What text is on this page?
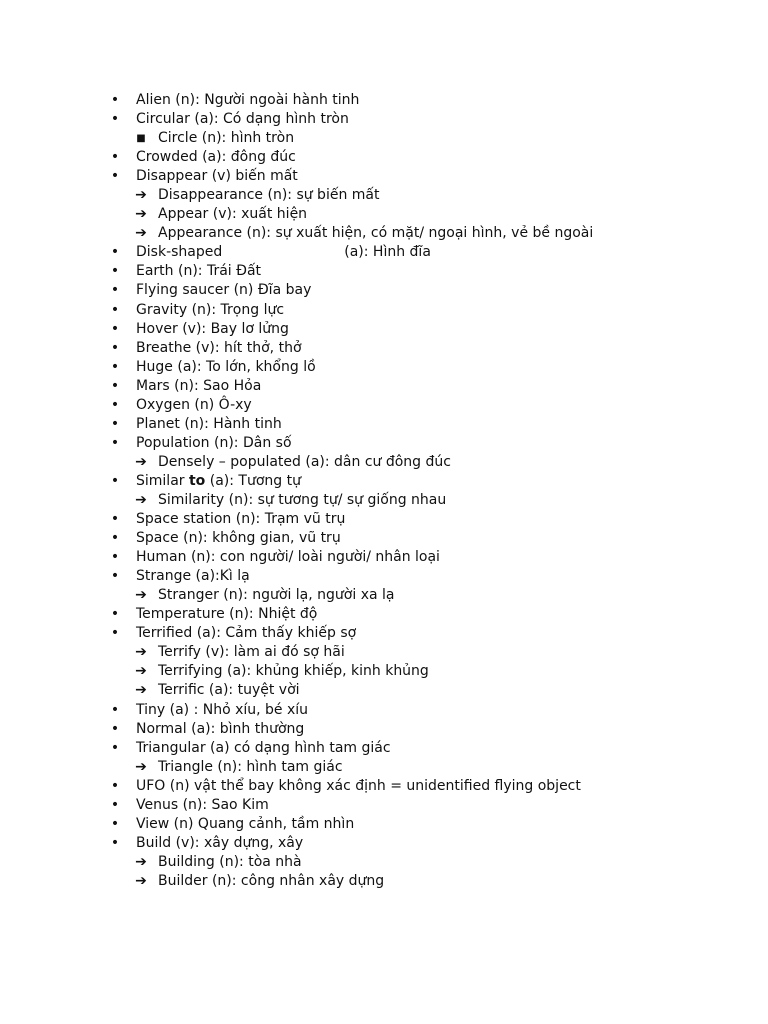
• Alien (n): Người ngoài hành tinh
• Circular (a): Có dạng hình tròn
■ Circle (n): hình tròn
• Crowded (a): đông đúc
• Disappear (v) biến mất
➔ Disappearance (n): sự biến mất
➔ Appear (v): xuất hiện
➔ Appearance (n): sự xuất hiện, có mặt/ ngoại hình, vẻ bề ngoài
• Disk-shaped	(a): Hình đĩa
• Earth (n): Trái Đất
• Flying saucer (n) Đĩa bay
• Gravity (n): Trọng lực
• Hover (v): Bay lơ lửng
• Breathe (v): hít thở, thở
• Huge (a): To lớn, khổng lồ
• Mars (n): Sao Hỏa
• Oxygen (n) Ô-xy
• Planet (n): Hành tinh
• Population (n): Dân số
➔ Densely – populated (a): dân cư đông đúc
• Similar to (a): Tương tự
➔ Similarity (n): sự tương tự/ sự giống nhau
• Space station (n): Trạm vũ trụ
• Space (n): không gian, vũ trụ
• Human (n): con người/ loài người/ nhân loại
• Strange (a):Kì lạ
➔ Stranger (n): người lạ, người xa lạ
• Temperature (n): Nhiệt độ
• Terrified (a): Cảm thấy khiếp sợ
➔ Terrify (v): làm ai đó sợ hãi
➔ Terrifying (a): khủng khiếp, kinh khủng
➔ Terrific (a): tuyệt vời
• Tiny (a) : Nhỏ xíu, bé xíu
• Normal (a): bình thường
• Triangular (a) có dạng hình tam giác
➔ Triangle (n): hình tam giác
• UFO (n) vật thể bay không xác định = unidentified flying object
• Venus (n): Sao Kim
• View (n) Quang cảnh, tầm nhìn
• Build (v): xây dựng, xây
➔ Building (n): tòa nhà
➔ Builder (n): công nhân xây dựng
